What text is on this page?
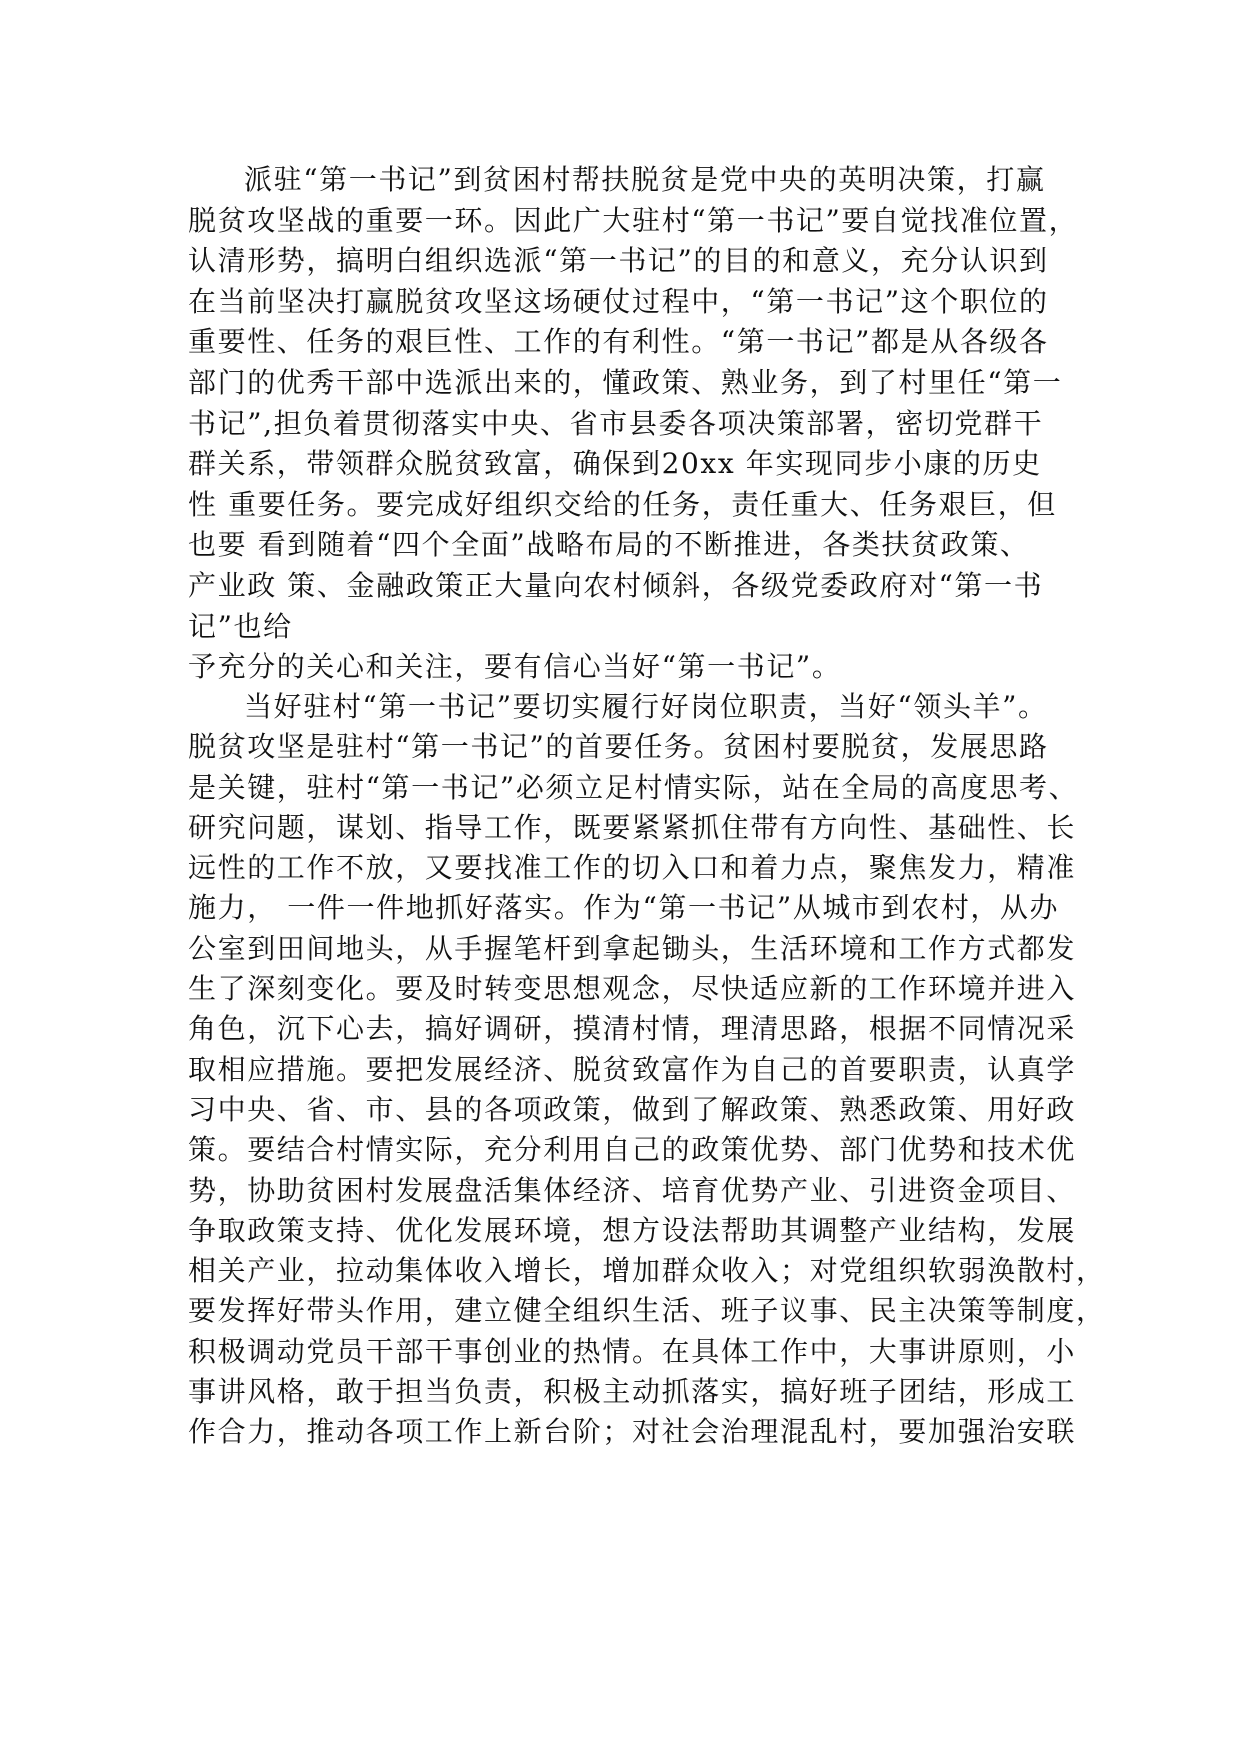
派驻“第一书记”到贫困村帮扶脱贫是党中央的英明决策，打赢
脱贫攻坚战的重要一环。因此广大驻村“第一书记”要自觉找准位置，
认清形势，搞明白组织选派“第一书记”的目的和意义，充分认识到
在当前坚决打赢脱贫攻坚这场硬仗过程中，“第一书记”这个职位的
重要性、任务的艰巨性、工作的有利性。“第一书记”都是从各级各
部门的优秀干部中选派出来的，懂政策、熟业务，到了村里任“第一
书记”,担负着贯彻落实中央、省市县委各项决策部署，密切党群干
群关系，带领群众脱贫致富，确保到20xx 年实现同步小康的历史
性 重要任务。要完成好组织交给的任务，责任重大、任务艰巨，但
也要 看到随着“四个全面”战略布局的不断推进，各类扶贫政策、
产业政 策、金融政策正大量向农村倾斜，各级党委政府对“第一书
记”也给
予充分的关心和关注，要有信心当好“第一书记”。
当好驻村“第一书记”要切实履行好岗位职责，当好“领头羊”。
脱贫攻坚是驻村“第一书记”的首要任务。贫困村要脱贫，发展思路
是关键，驻村“第一书记”必须立足村情实际，站在全局的高度思考、
研究问题，谋划、指导工作，既要紧紧抓住带有方向性、基础性、长
远性的工作不放，又要找准工作的切入口和着力点，聚焦发力，精准
施力， 一件一件地抓好落实。作为“第一书记”从城市到农村，从办
公室到田间地头，从手握笔杆到拿起锄头，生活环境和工作方式都发
生了深刻变化。要及时转变思想观念，尽快适应新的工作环境并进入
角色，沉下心去，搞好调研，摸清村情，理清思路，根据不同情况采
取相应措施。要把发展经济、脱贫致富作为自己的首要职责，认真学
习中央、省、市、县的各项政策，做到了解政策、熟悉政策、用好政
策。要结合村情实际，充分利用自己的政策优势、部门优势和技术优
势，协助贫困村发展盘活集体经济、培育优势产业、引进资金项目、
争取政策支持、优化发展环境，想方设法帮助其调整产业结构，发展
相关产业，拉动集体收入增长，增加群众收入；对党组织软弱涣散村，
要发挥好带头作用，建立健全组织生活、班子议事、民主决策等制度，
积极调动党员干部干事创业的热情。在具体工作中，大事讲原则，小
事讲风格，敢于担当负责，积极主动抓落实，搞好班子团结，形成工
作合力，推动各项工作上新台阶；对社会治理混乱村，要加强治安联
